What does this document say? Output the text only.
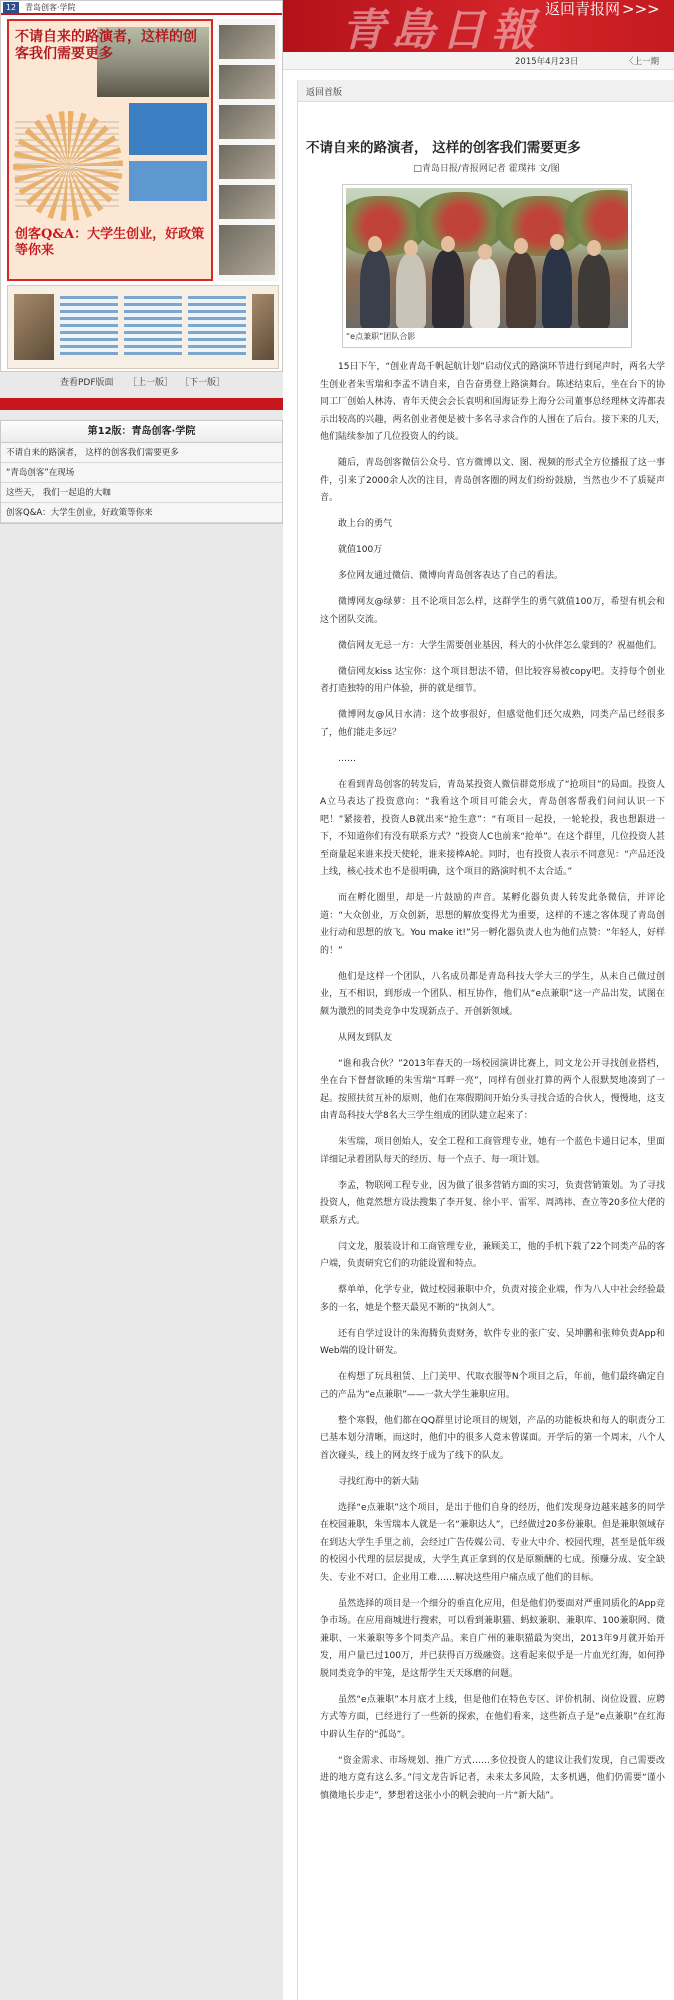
12	青岛创客·学院
不请自来的路演者，这样的创客我们需要更多
创客Q&A：大学生创业，好政策等你来
查看PDF版面 ［上一版］ ［下一版］
第12版：青岛创客·学院
不请自来的路演者， 这样的创客我们需要更多
“青岛创客”在现场
这些天， 我们一起追的大咖
创客Q&A：大学生创业，好政策等你来
青島日報 返回青报网 >>>
2015年4月23日	〈上一期
返回首版
不请自来的路演者， 这样的创客我们需要更多
□青岛日报/青报网记者 霍璞祎 文/图
“e点兼职”团队合影

15日下午，“创业青岛千帆起航计划”启动仪式的路演环节进行到尾声时，两名大学生创业者朱雪瑞和李孟不请自来，自告奋勇登上路演舞台。陈述结束后，坐在台下的协同工厂创始人林涛、青年天使会会长袁明和国海证券上海分公司董事总经理林文涛都表示出较高的兴趣，两名创业者便是被十多名寻求合作的人围在了后台。接下来的几天，他们陆续参加了几位投资人的约谈。

随后，青岛创客微信公众号、官方微博以文、图、视频的形式全方位播报了这一事件，引来了2000余人次的注目，青岛创客圈的网友们纷纷鼓励，当然也少不了质疑声音。

敢上台的勇气

就值100万

多位网友通过微信、微博向青岛创客表达了自己的看法。

微博网友@绿萝：且不论项目怎么样，这群学生的勇气就值100万，希望有机会和这个团队交流。

微信网友无忌一方：大学生需要创业基因，科大的小伙伴怎么蒙到的？祝福他们。

微信网友kiss 达宝你：这个项目想法不错，但比较容易被copy吧。支持每个创业者打造独特的用户体验，拼的就是细节。

微博网友@风日水清：这个故事很好，但感觉他们还欠成熟，同类产品已经很多了，他们能走多远？

……

在看到青岛创客的转发后，青岛某投资人微信群竟形成了“抢项目”的局面。投资人A立马表达了投资意向：“我看这个项目可能会火，青岛创客帮我们问问认识一下吧！”紧接着，投资人B就出来“抢生意”：“有项目一起投，一轮轮投，我也想跟进一下，不知道你们有没有联系方式？”投资人C也前来“抢单”。在这个群里，几位投资人甚至商量起来谁来投天使轮，谁来接棒A轮。同时，也有投资人表示不同意见：“产品还没上线，核心技术也不是很明确，这个项目的路演时机不太合适。”

而在孵化圈里，却是一片鼓励的声音。某孵化器负责人转发此条微信，并评论道：“大众创业，万众创新，思想的解放变得尤为重要，这样的不速之客体现了青岛创业行动和思想的放飞。You make it!”另一孵化器负责人也为他们点赞：“年轻人，好样的！”

他们是这样一个团队，八名成员都是青岛科技大学大三的学生，从未自己做过创业，互不相识，到形成一个团队、相互协作，他们从“e点兼职”这一产品出发，试图在颇为激烈的同类竞争中发现新点子、开创新领域。

从网友到队友

“谁和我合伙？”2013年春天的一场校园演讲比赛上，同文龙公开寻找创业搭档，坐在台下督督欲睡的朱雪瑞“耳畔一亮”，同样有创业打算的两个人很默契地凑到了一起。按照扶贫互补的原则，他们在寒假期间开始分头寻找合适的合伙人，慢慢地，这支由青岛科技大学8名大三学生组成的团队建立起来了：

朱雪瑞，项目创始人，安全工程和工商管理专业，她有一个蓝色卡通日记本，里面详细记录着团队每天的经历、每一个点子、每一项计划。

李孟，物联网工程专业，因为做了很多营销方面的实习，负责营销策划。为了寻找投资人，他竟然想方设法搜集了李开复、徐小平、雷军、周鸿祎、查立等20多位大佬的联系方式。

闫文龙，服装设计和工商管理专业，兼顾美工，他的手机下载了22个同类产品的客户端，负责研究它们的功能设置和特点。

蔡单单，化学专业，做过校园兼职中介，负责对接企业端，作为八人中社会经验最多的一名，她是个整天最见不断的“执剑人”。

还有自学过设计的朱海腾负责财务，软件专业的张广安、吴坤鹏和张帅负责App和Web端的设计研发。

在构想了玩具租赁、上门美甲、代取衣服等N个项目之后，年前，他们最终确定自己的产品为“e点兼职”——一款大学生兼职应用。

整个寒假，他们都在QQ群里讨论项目的规划，产品的功能板块和每人的职责分工已基本划分清晰，而这时，他们中的很多人竟未曾谋面。开学后的第一个周末，八个人首次碰头，线上的网友终于成为了线下的队友。

寻找红海中的新大陆

选择“e点兼职”这个项目，是出于他们自身的经历，他们发现身边越来越多的同学在校园兼职，朱雪瑞本人就是一名“兼职达人”，已经做过20多份兼职。但是兼职领域存在到达大学生手里之前，会经过广告传媒公司、专业大中介、校园代理，甚至是低年级的校园小代理的层层提成，大学生真正拿到的仅是原额酬的七成。预赚分成、安全缺失、专业不对口、企业用工难……解决这些用户痛点成了他们的目标。

虽然选择的项目是一个细分的垂直化应用，但是他们仍要面对严重同质化的App竞争市场。在应用商城进行搜索，可以看到兼职猫、蚂蚁兼职、兼职库、100兼职网、微兼职、一米兼职等多个同类产品。来自广州的兼职猫最为突出，2013年9月就开始开发，用户量已过100万，并已获得百万级融资。这看起来似乎是一片血光红海，如何挣脱同类竞争的牢笼，是这帮学生天天琢磨的问题。

虽然“e点兼职”本月底才上线，但是他们在特色专区、评价机制、岗位设置、应聘方式等方面，已经进行了一些新的探索，在他们看来，这些新点子是“e点兼职”在红海中辟认生存的“孤岛”。

“资金需求、市场规划、推广方式……多位投资人的建议让我们发现，自己需要改进的地方竟有这么多。”闫文龙告诉记者，未来太多风险，太多机遇，他们仍需要“谨小慎微地长步走”，梦想着这张小小的帆会驶向一片“新大陆”。
